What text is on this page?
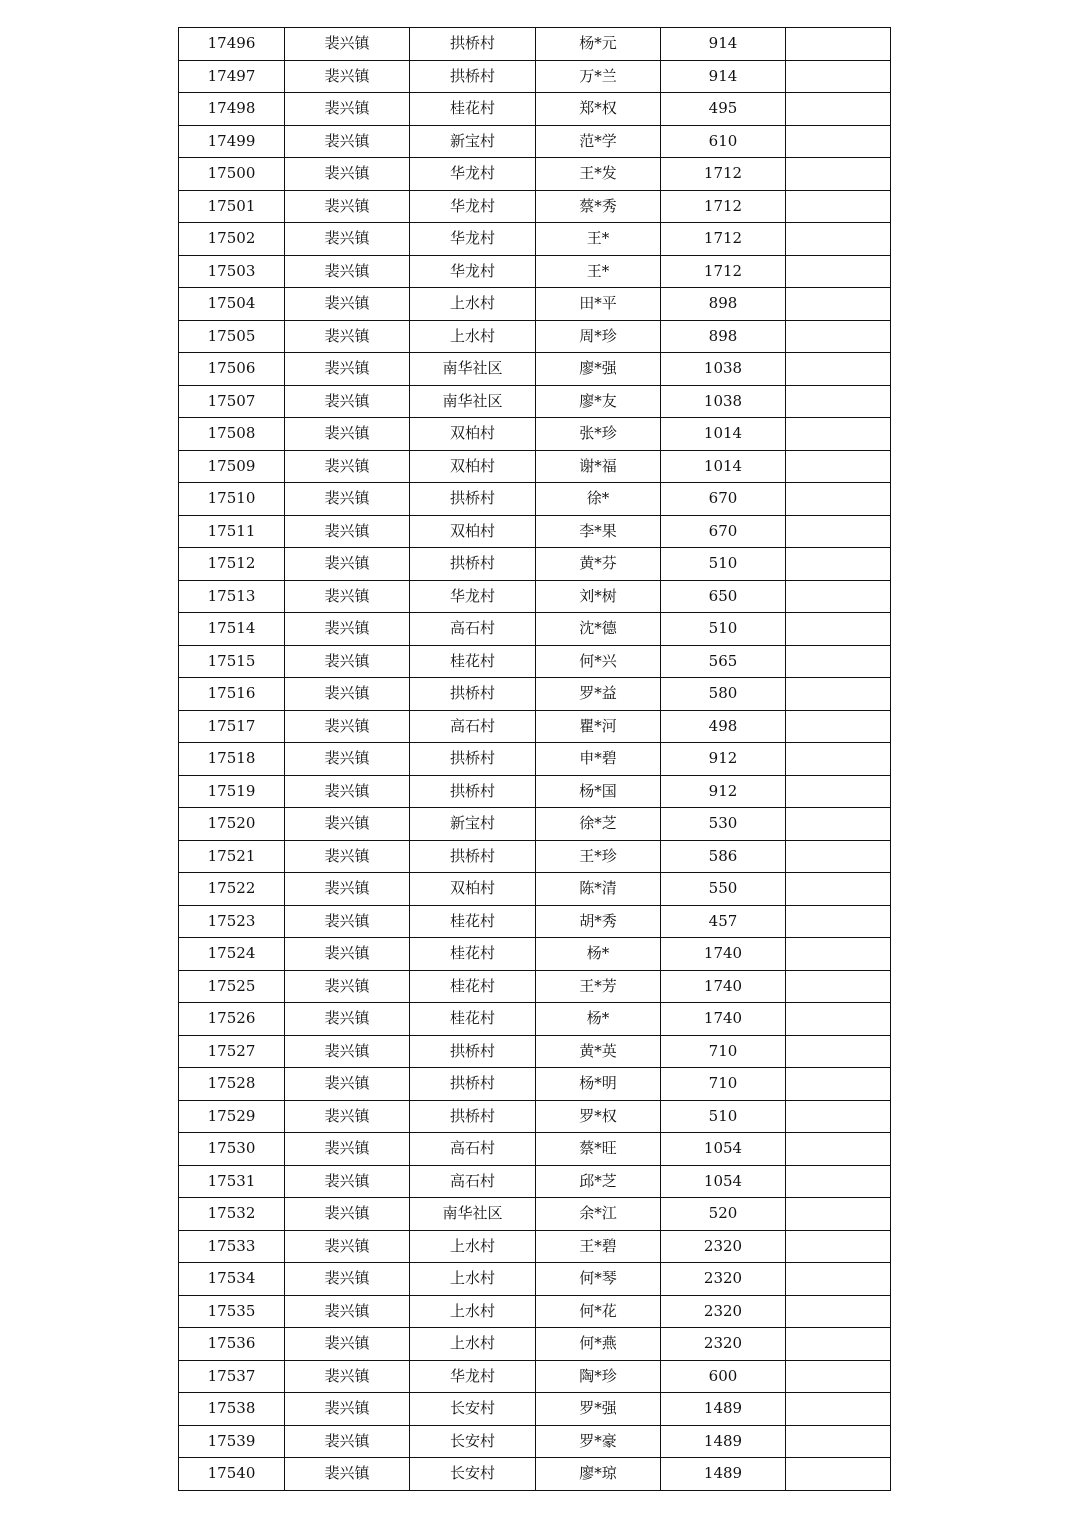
17496	裴兴镇	拱桥村	杨*元	914	
17497	裴兴镇	拱桥村	万*兰	914	
17498	裴兴镇	桂花村	郑*权	495	
17499	裴兴镇	新宝村	范*学	610	
17500	裴兴镇	华龙村	王*发	1712	
17501	裴兴镇	华龙村	蔡*秀	1712	
17502	裴兴镇	华龙村	王*	1712	
17503	裴兴镇	华龙村	王*	1712	
17504	裴兴镇	上水村	田*平	898	
17505	裴兴镇	上水村	周*珍	898	
17506	裴兴镇	南华社区	廖*强	1038	
17507	裴兴镇	南华社区	廖*友	1038	
17508	裴兴镇	双柏村	张*珍	1014	
17509	裴兴镇	双柏村	谢*福	1014	
17510	裴兴镇	拱桥村	徐*	670	
17511	裴兴镇	双柏村	李*果	670	
17512	裴兴镇	拱桥村	黄*芬	510	
17513	裴兴镇	华龙村	刘*树	650	
17514	裴兴镇	高石村	沈*德	510	
17515	裴兴镇	桂花村	何*兴	565	
17516	裴兴镇	拱桥村	罗*益	580	
17517	裴兴镇	高石村	瞿*河	498	
17518	裴兴镇	拱桥村	申*碧	912	
17519	裴兴镇	拱桥村	杨*国	912	
17520	裴兴镇	新宝村	徐*芝	530	
17521	裴兴镇	拱桥村	王*珍	586	
17522	裴兴镇	双柏村	陈*清	550	
17523	裴兴镇	桂花村	胡*秀	457	
17524	裴兴镇	桂花村	杨*	1740	
17525	裴兴镇	桂花村	王*芳	1740	
17526	裴兴镇	桂花村	杨*	1740	
17527	裴兴镇	拱桥村	黄*英	710	
17528	裴兴镇	拱桥村	杨*明	710	
17529	裴兴镇	拱桥村	罗*权	510	
17530	裴兴镇	高石村	蔡*旺	1054	
17531	裴兴镇	高石村	邱*芝	1054	
17532	裴兴镇	南华社区	余*江	520	
17533	裴兴镇	上水村	王*碧	2320	
17534	裴兴镇	上水村	何*琴	2320	
17535	裴兴镇	上水村	何*花	2320	
17536	裴兴镇	上水村	何*燕	2320	
17537	裴兴镇	华龙村	陶*珍	600	
17538	裴兴镇	长安村	罗*强	1489	
17539	裴兴镇	长安村	罗*豪	1489	
17540	裴兴镇	长安村	廖*琼	1489	
